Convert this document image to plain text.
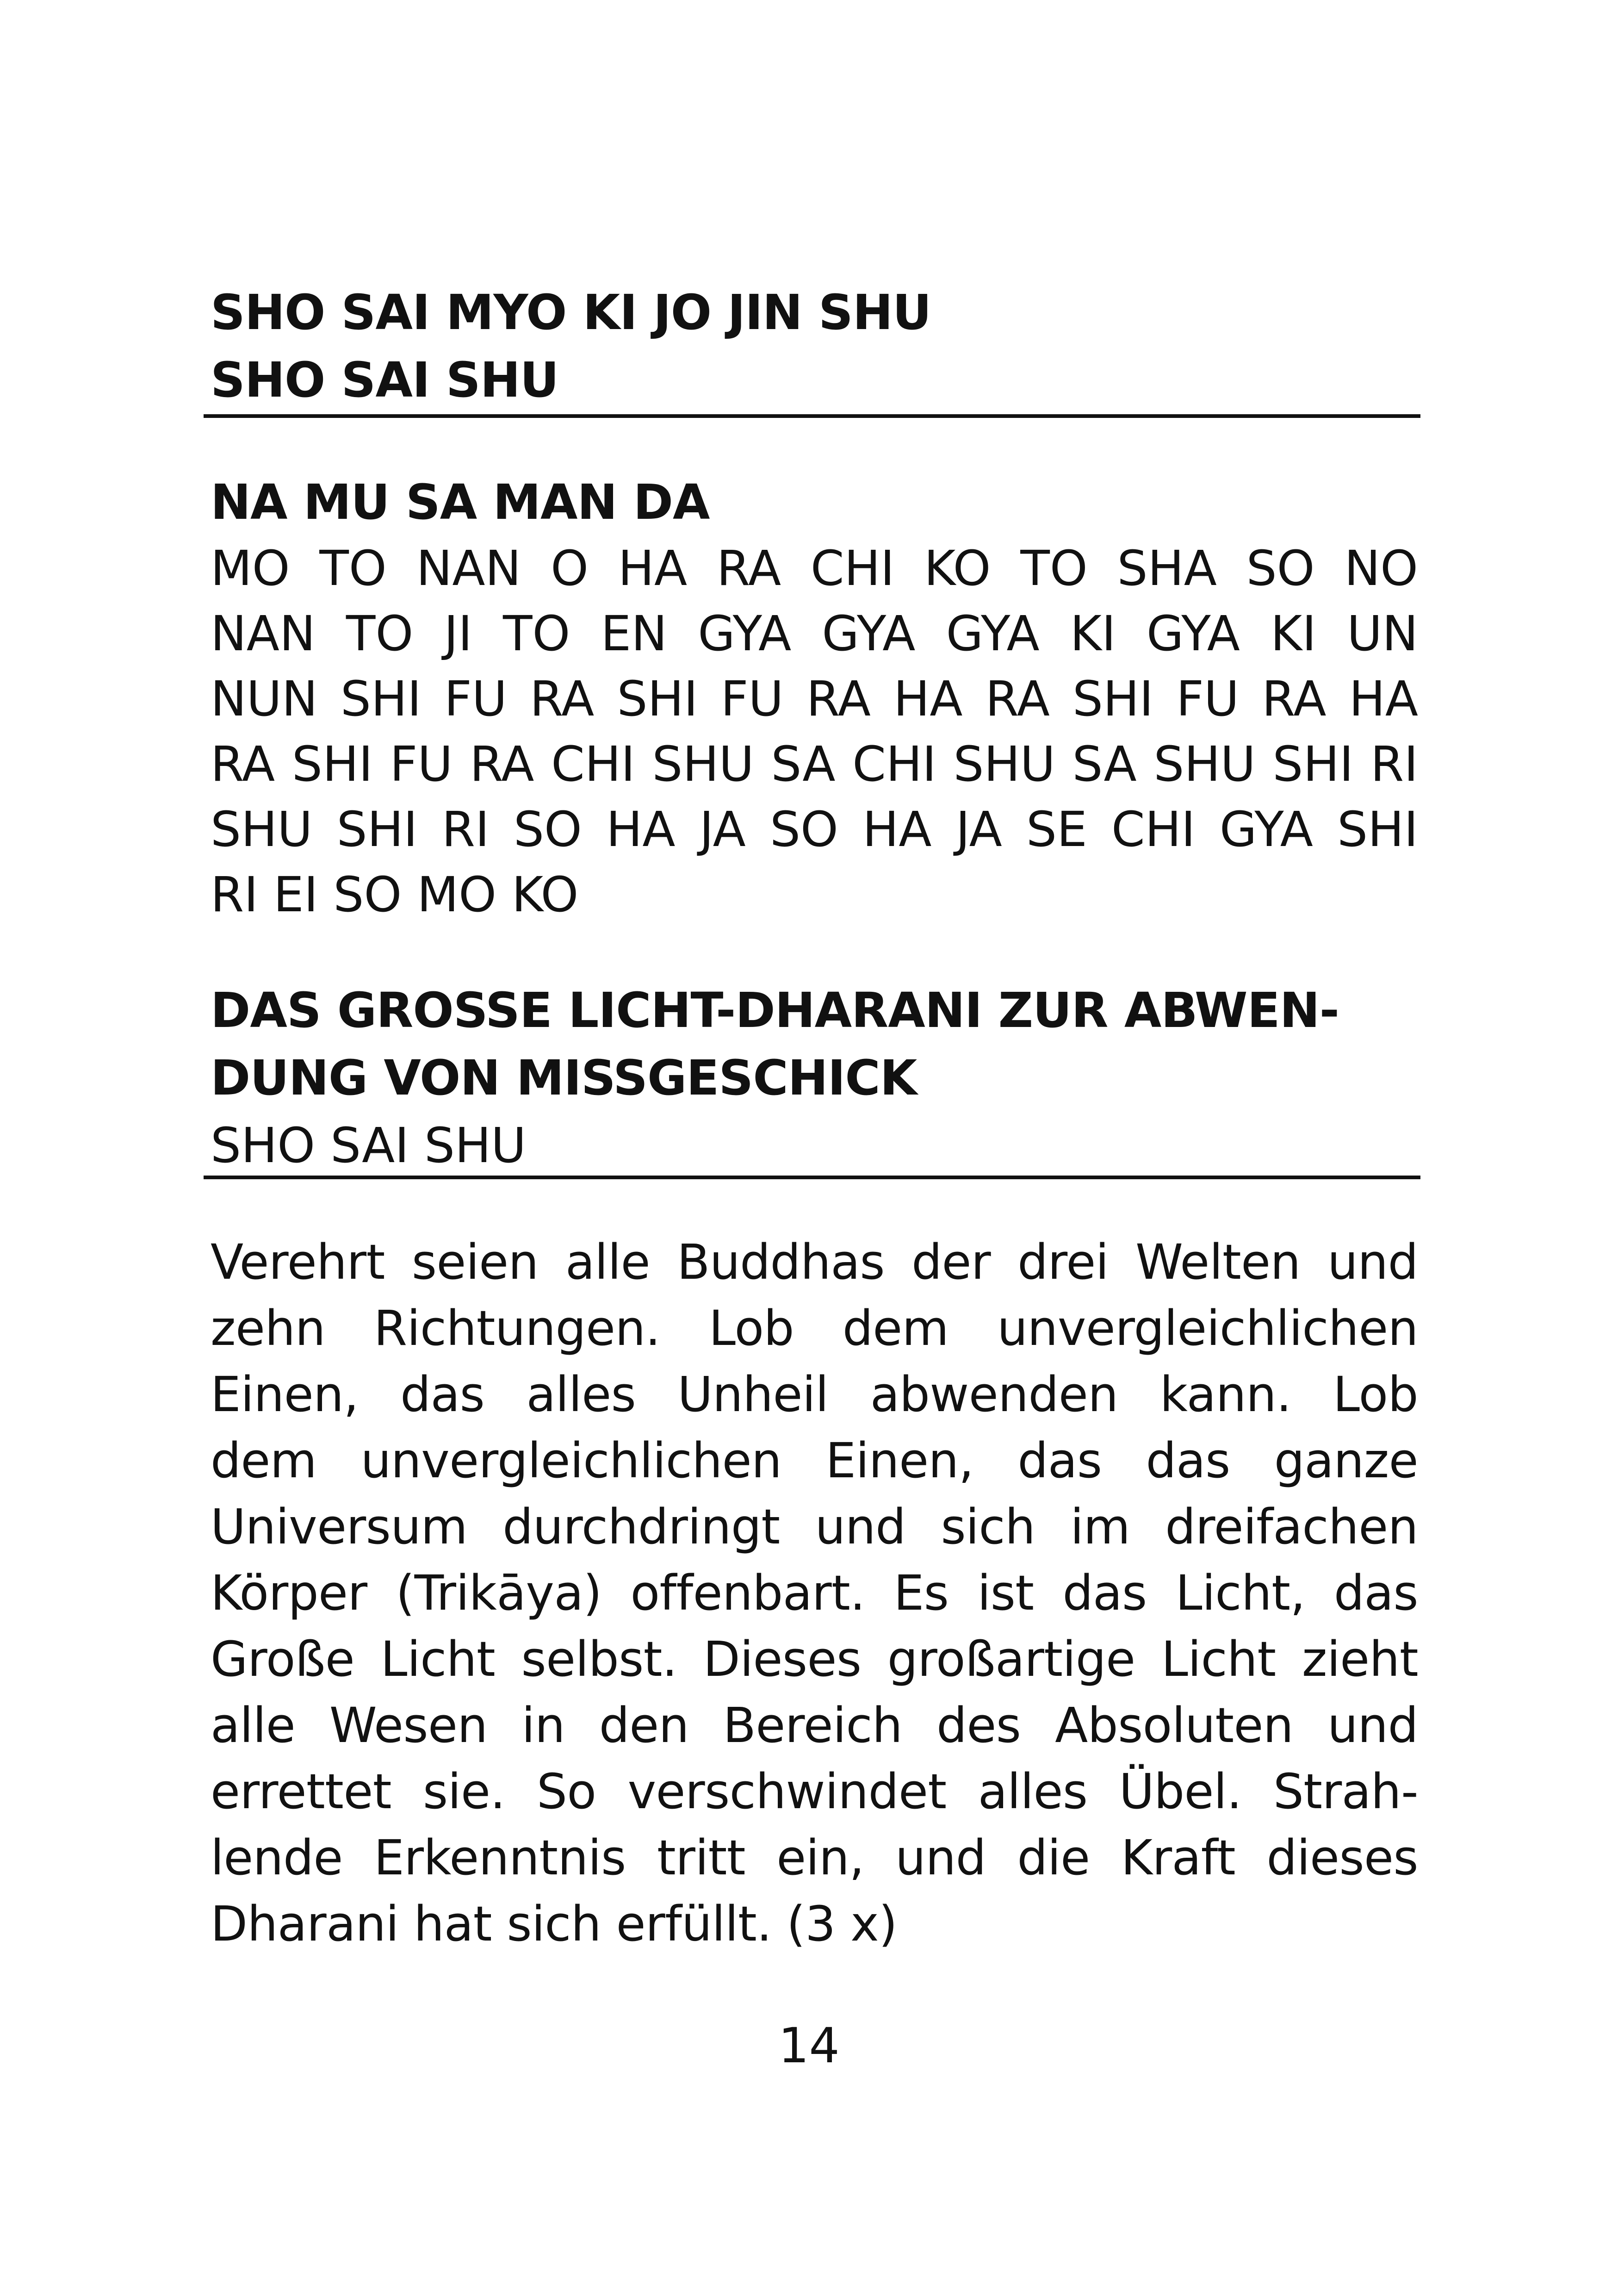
SHO SAI MYO KI JO JIN SHU

SHO SAI SHU

NA MU SA MAN DA

MO TO NAN O HA RA CHI KO TO SHA SO NO
NAN TO JI TO EN GYA GYA GYA KI GYA KI UN
NUN SHI FU RA SHI FU RA HA RA SHI FU RA HA
RA SHI FU RA CHI SHU SA CHI SHU SA SHU SHI RI
SHU SHI RI SO HA JA SO HA JA SE CHI GYA SHI
RI EI SO MO KO

DAS GROSSE LICHT-DHARANI ZUR ABWEN-

DUNG VON MISSGESCHICK

SHO SAI SHU

Verehrt seien alle Buddhas der drei Welten und
zehn Richtungen. Lob dem unvergleichlichen
Einen, das alles Unheil abwenden kann. Lob
dem unvergleichlichen Einen, das das ganze
Universum durchdringt und sich im dreifachen
Körper (Trikāya) offenbart. Es ist das Licht, das
Große Licht selbst. Dieses großartige Licht zieht
alle Wesen in den Bereich des Absoluten und
errettet sie. So verschwindet alles Übel. Strah-
lende Erkenntnis tritt ein, und die Kraft dieses
Dharani hat sich erfüllt. (3 x)
14
